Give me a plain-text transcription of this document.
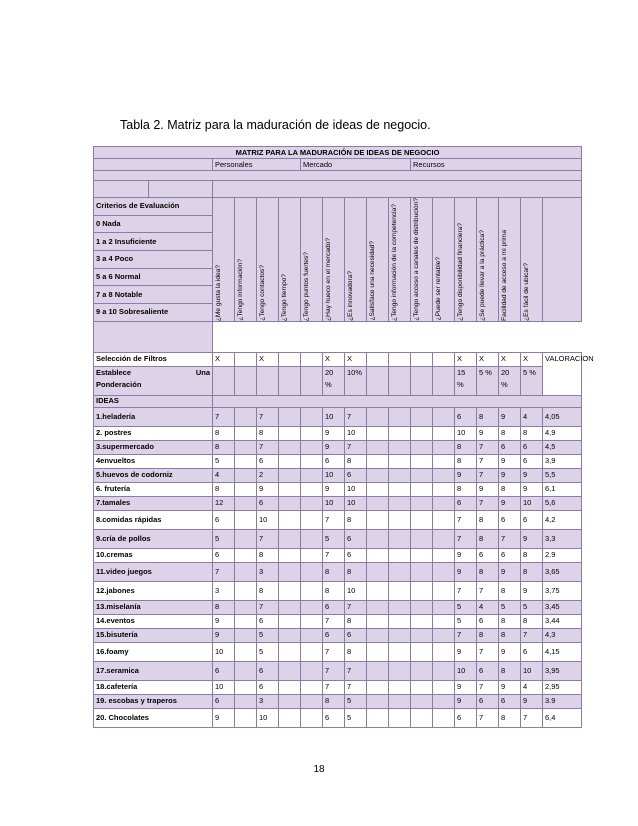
Tabla 2. Matriz para la maduración de ideas de negocio.
MATRIZ PARA LA MADURACIÓN DE IDEAS DE NEGOCIO																	
		Personales				Mercado					Recursos						

Criterios de Evaluación		¿Me gusta la idea?	¿Tengo información?	¿Tengo contactos?	¿Tengo tiempo?	¿Tengo puntos fuertes?	¿Hay hueco en el mercado?	¿Es innovadora?	¿Satisface una necesidad?	¿Tengo información de la competencia?	¿Tengo acceso a canales de distribución?	¿Puede ser rentable?	¿Tengo disponibilidad financiera?	¿Se puede llevar a la práctica?	Facilidad de acceso a mi prima	¿Es fácil de ubicar?	

0 Nada																	
1 a 2 Insuficiente																	
3 a 4 Poco																	
5 a 6 Normal																	
7 a 8 Notable																	
9 a 10 Sobresaliente																	

Selección de Filtros		X		X			X	X					X	X	X	X	VALORACION

Establece Una
Ponderación							20 %	10%					15 %	5 %	20 %	5 %	
IDEAS																	
1.heladería		7		7			10	7					6	8	9	4	4,05
2. postres		8		8			9	10					10	9	8	8	4,9
3.supermercado		8		7			9	7					8	7	6	6	4,5
4envueltos		5		6			6	8					8	7	9	6	3,9
5.huevos de codorniz		4		2			10	6					9	7	9	9	5,5
6. frutería		8		9			9	10					8	9	8	9	6,1
7.tamales		12		6			10	10					6	7	9	10	5,6
8.comidas rápidas		6		10			7	8					7	8	6	6	4,2
9.cría de pollos		5		7			5	6					7	8	7	9	3,3
10.cremas		6		8			7	6					9	6	6	8	2.9
11.video juegos		7		3			8	8					9	8	9	8	3,65
12.jabones		3		8			8	10					7	7	8	9	3,75
13.miselanía		8		7			6	7					5	4	5	5	3,45
14.eventos		9		6			7	8					5	6	8	8	3,44
15.bisutería		9		5			6	6					7	8	8	7	4,3
16.foamy		10		5			7	8					9	7	9	6	4,15
17.seramica		6		6			7	7					10	6	8	10	3,95
18.cafetería		10		6			7	7					9	7	9	4	2,95
19. escobas y traperos		6		3			8	5					9	6	6	9	3.9
20. Chocolates		9		10			6	5					6	7	8	7	6,4
18
